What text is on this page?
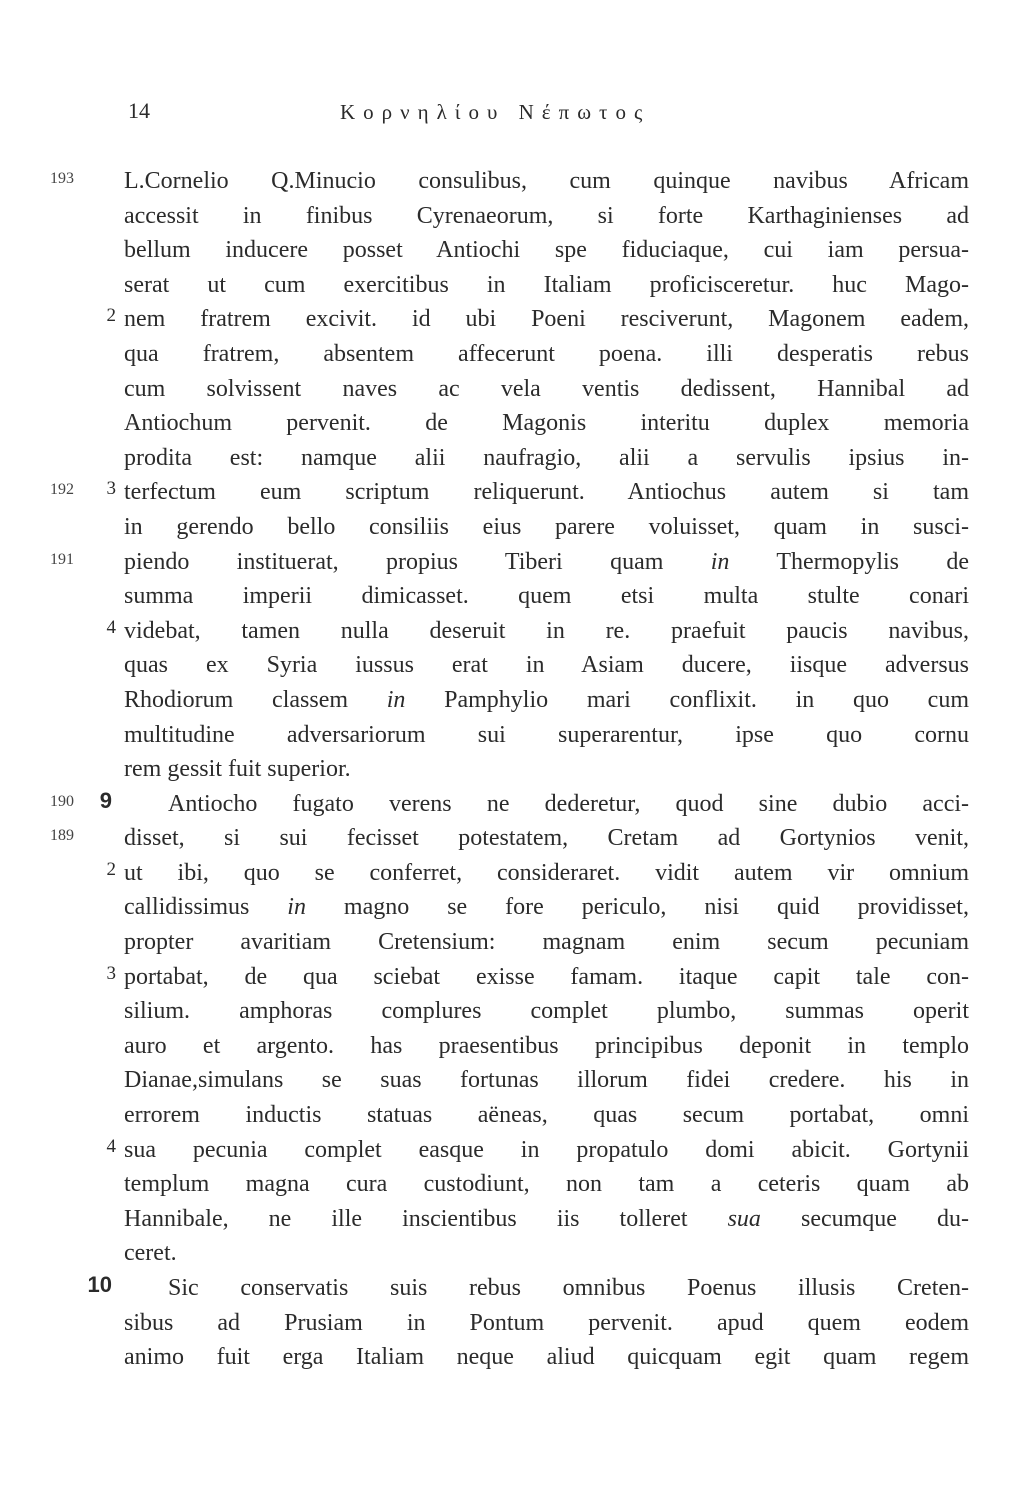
14	Κορνηλίου Νέπωτος
193	L.Cornelio Q.Minucio consulibus, cum quinque navibus Africam
accessit in finibus Cyrenaeorum, si forte Karthaginienses ad
bellum inducere posset Antiochi spe fiduciaque, cui iam persua-
serat ut cum exercitibus in Italiam proficisceretur. huc Mago-
2 nem fratrem excivit. id ubi Poeni resciverunt, Magonem eadem,
qua fratrem, absentem affecerunt poena. illi desperatis rebus
cum solvissent naves ac vela ventis dedissent, Hannibal ad
Antiochum pervenit. de Magonis interitu duplex memoria
prodita est: namque alii naufragio, alii a servulis ipsius in-
192	3 terfectum eum scriptum reliquerunt. Antiochus autem si tam
in gerendo bello consiliis eius parere voluisset, quam in susci-
191	piendo instituerat, propius Tiberi quam in Thermopylis de
summa imperii dimicasset. quem etsi multa stulte conari
4 videbat, tamen nulla deseruit in re. praefuit paucis navibus,
quas ex Syria iussus erat in Asiam ducere, iisque adversus
Rhodiorum classem in Pamphylio mari conflixit. in quo cum
multitudine adversariorum sui superarentur, ipse quo cornu
rem gessit fuit superior.
190	9 Antiocho fugato verens ne dederetur, quod sine dubio acci-
189	disset, si sui fecisset potestatem, Cretam ad Gortynios venit,
2 ut ibi, quo se conferret, consideraret. vidit autem vir omnium
callidissimus in magno se fore periculo, nisi quid providisset,
propter avaritiam Cretensium: magnam enim secum pecuniam
3 portabat, de qua sciebat exisse famam. itaque capit tale con-
silium. amphoras complures complet plumbo, summas operit
auro et argento. has praesentibus principibus deponit in templo
Dianae,simulans se suas fortunas illorum fidei credere. his in
errorem inductis statuas aëneas, quas secum portabat, omni
4 sua pecunia complet easque in propatulo domi abicit. Gortynii
templum magna cura custodiunt, non tam a ceteris quam ab
Hannibale, ne ille inscientibus iis tolleret sua secumque du-
ceret.
10 Sic conservatis suis rebus omnibus Poenus illusis Creten-
sibus ad Prusiam in Pontum pervenit. apud quem eodem
animo fuit erga Italiam neque aliud quicquam egit quam regem
